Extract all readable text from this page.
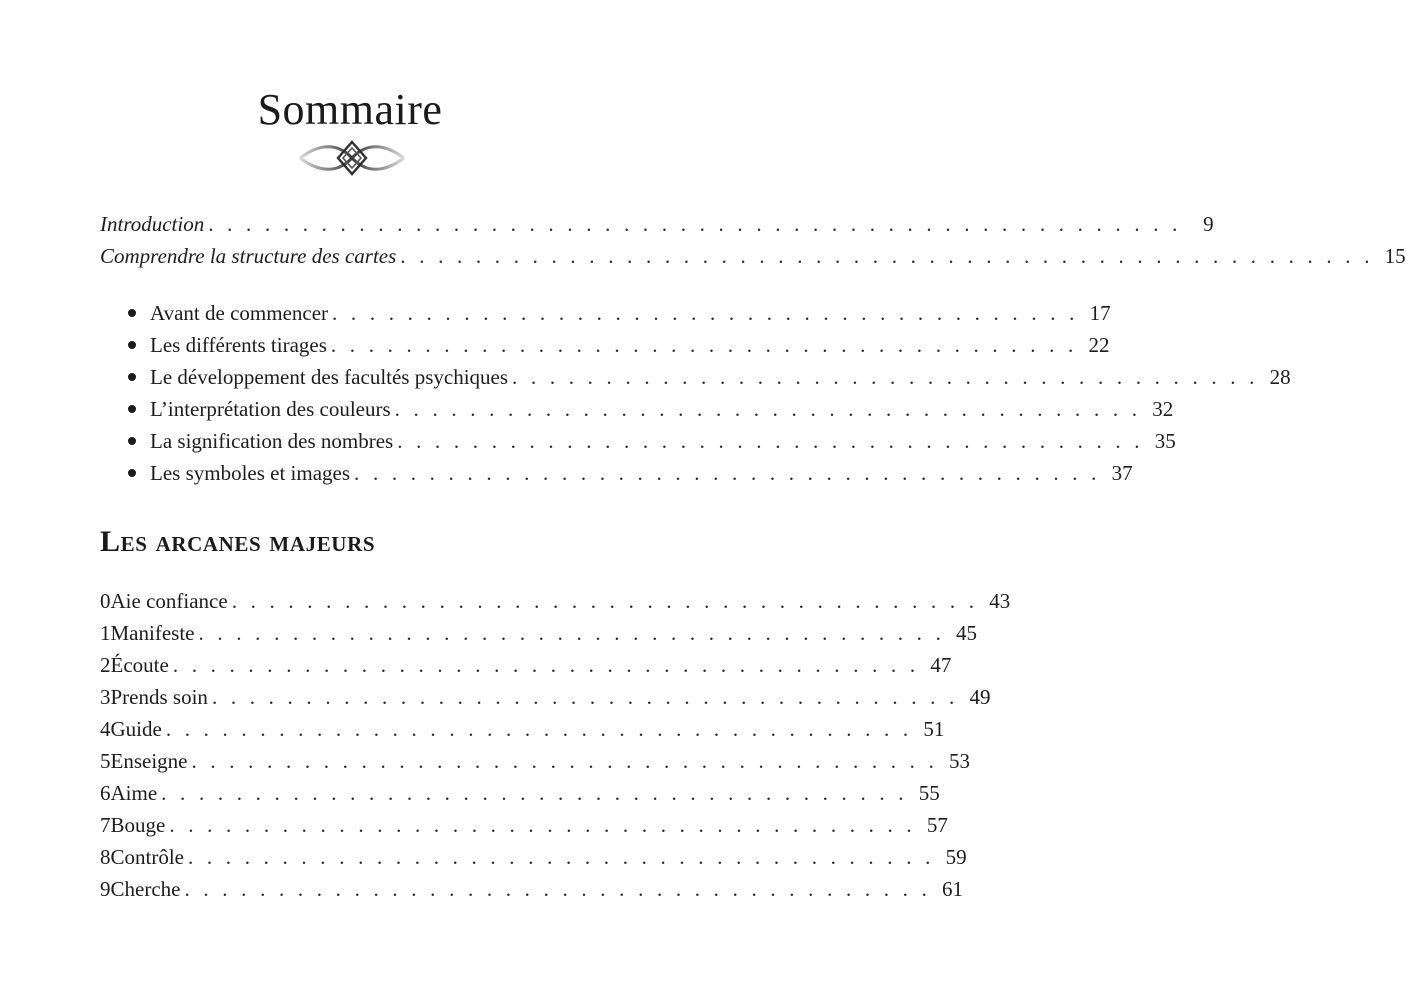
Sommaire
Introduction . . . . . . . . . . . . . . . . . . . . . . . . . . . . . . . . . . . . . . . . . . . . . . . . . . . .	9
Comprendre la structure des cartes . . . . . . . . . . . . . . . . . . . . . . . . . . . . . . . . . . . . . . . . . . . . . . . . . . . . 15
Avant de commencer . . . . . . . . . . . . . . . . . . . . . . . . . . . . . . . . . . . . . . . . 17
Les différents tirages . . . . . . . . . . . . . . . . . . . . . . . . . . . . . . . . . . . . . . . . 22
Le développement des facultés psychiques . . . . . . . . . . . . . . . . . . . . . . . . . . . . . . . . . . . . . . . . 28
L’interprétation des couleurs . . . . . . . . . . . . . . . . . . . . . . . . . . . . . . . . . . . . . . . . 32
La signification des nombres . . . . . . . . . . . . . . . . . . . . . . . . . . . . . . . . . . . . . . . . 35
Les symboles et images . . . . . . . . . . . . . . . . . . . . . . . . . . . . . . . . . . . . . . . . 37
Les arcanes majeurs
0 Aie confiance . . . . . . . . . . . . . . . . . . . . . . . . . . . . . . . . . . . . . . . . 43
1 Manifeste . . . . . . . . . . . . . . . . . . . . . . . . . . . . . . . . . . . . . . . . 45
2 Écoute . . . . . . . . . . . . . . . . . . . . . . . . . . . . . . . . . . . . . . . . 47
3 Prends soin . . . . . . . . . . . . . . . . . . . . . . . . . . . . . . . . . . . . . . . . 49
4 Guide . . . . . . . . . . . . . . . . . . . . . . . . . . . . . . . . . . . . . . . . 51
5 Enseigne . . . . . . . . . . . . . . . . . . . . . . . . . . . . . . . . . . . . . . . . 53
6 Aime . . . . . . . . . . . . . . . . . . . . . . . . . . . . . . . . . . . . . . . . 55
7 Bouge . . . . . . . . . . . . . . . . . . . . . . . . . . . . . . . . . . . . . . . . 57
8 Contrôle . . . . . . . . . . . . . . . . . . . . . . . . . . . . . . . . . . . . . . . . 59
9 Cherche . . . . . . . . . . . . . . . . . . . . . . . . . . . . . . . . . . . . . . . . 61
